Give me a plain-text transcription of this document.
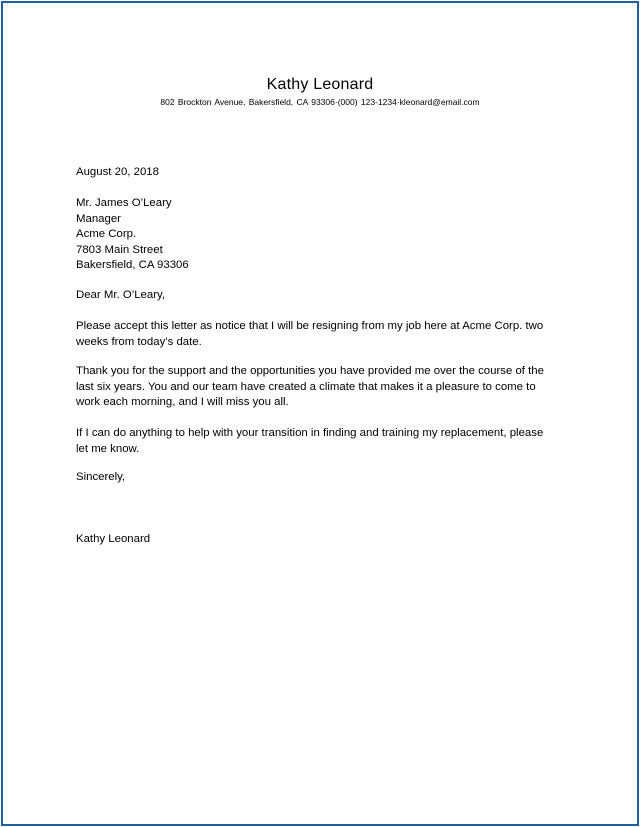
Kathy Leonard
802 Brockton Avenue, Bakersfield, CA 93306·(000) 123-1234·kleonard@email.com
August 20, 2018
Mr. James O’Leary
Manager
Acme Corp.
7803 Main Street
Bakersfield, CA 93306
Dear Mr. O’Leary,
Please accept this letter as notice that I will be resigning from my job here at Acme Corp. two
weeks from today’s date.
Thank you for the support and the opportunities you have provided me over the course of the
last six years. You and our team have created a climate that makes it a pleasure to come to
work each morning, and I will miss you all.
If I can do anything to help with your transition in finding and training my replacement, please
let me know.
Sincerely,
Kathy Leonard
